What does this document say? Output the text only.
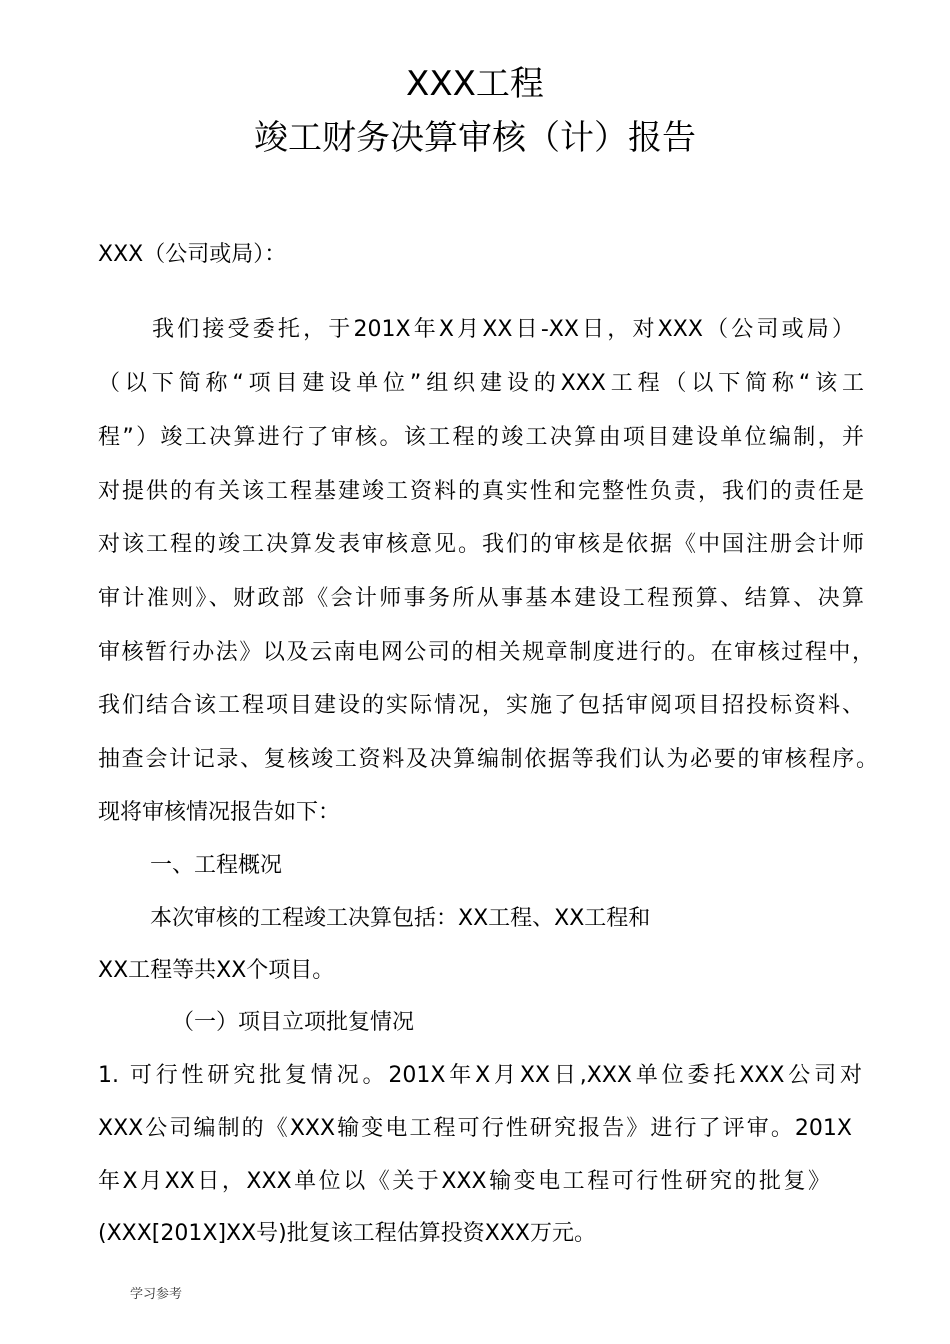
XXX工程
竣工财务决算审核（计）报告
XXX（公司或局）：
我们接受委托，于201X年X月XX日-XX日，对XXX（公司或局）
（以下简称“项目建设单位”组织建设的XXX工程（以下简称“该工
程”）竣工决算进行了审核。该工程的竣工决算由项目建设单位编制，并
对提供的有关该工程基建竣工资料的真实性和完整性负责，我们的责任是
对该工程的竣工决算发表审核意见。我们的审核是依据《中国注册会计师
审计准则》、财政部《会计师事务所从事基本建设工程预算、结算、决算
审核暂行办法》以及云南电网公司的相关规章制度进行的。在审核过程中，
我们结合该工程项目建设的实际情况，实施了包括审阅项目招投标资料、
抽查会计记录、复核竣工资料及决算编制依据等我们认为必要的审核程序。
现将审核情况报告如下：
一、工程概况
本次审核的工程竣工决算包括：XX工程、XX工程和
XX工程等共XX个项目。
（一）项目立项批复情况
1. 可行性研究批复情况。201X年X月XX日,XXX单位委托XXX公司对
XXX公司编制的《XXX输变电工程可行性研究报告》进行了评审。201X
年X月XX日，XXX单位以《关于XXX输变电工程可行性研究的批复》
(XXX[201X]XX号)批复该工程估算投资XXX万元。
学习参考
